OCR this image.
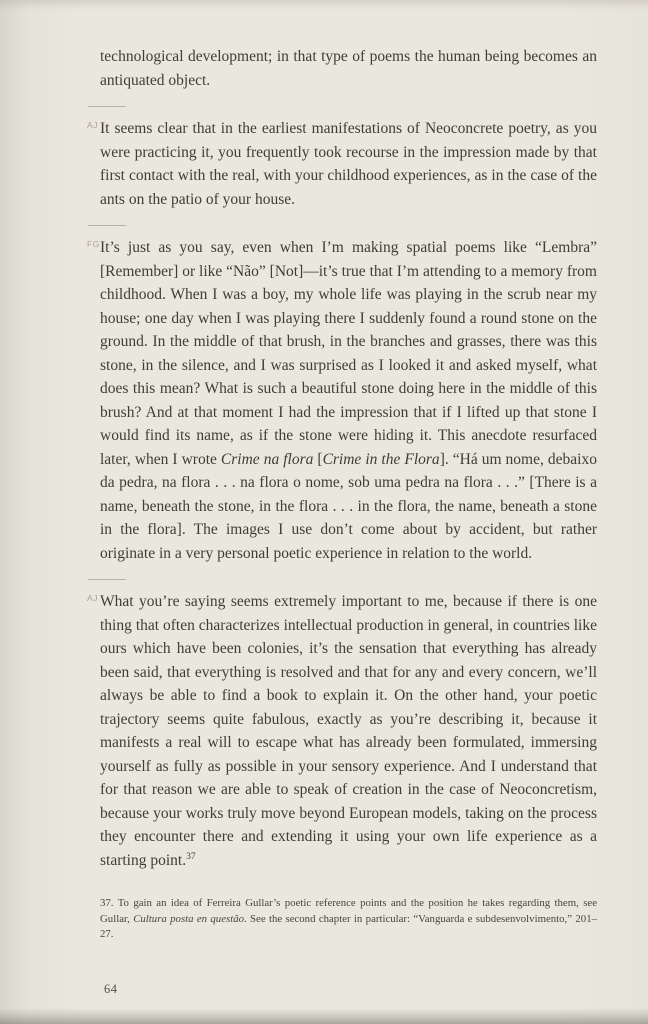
technological development; in that type of poems the human being becomes an antiquated object.

AJ It seems clear that in the earliest manifestations of Neoconcrete poetry, as you were practicing it, you frequently took recourse in the impression made by that first contact with the real, with your childhood experiences, as in the case of the ants on the patio of your house.

FG It’s just as you say, even when I’m making spatial poems like “Lembra” [Remember] or like “Não” [Not]—it’s true that I’m attending to a memory from childhood. When I was a boy, my whole life was playing in the scrub near my house; one day when I was playing there I suddenly found a round stone on the ground. In the middle of that brush, in the branches and grasses, there was this stone, in the silence, and I was surprised as I looked it and asked myself, what does this mean? What is such a beautiful stone doing here in the middle of this brush? And at that moment I had the impression that if I lifted up that stone I would find its name, as if the stone were hiding it. This anecdote resurfaced later, when I wrote Crime na flora [Crime in the Flora]. “Há um nome, debaixo da pedra, na flora . . . na flora o nome, sob uma pedra na flora . . .” [There is a name, beneath the stone, in the flora . . . in the flora, the name, beneath a stone in the flora]. The images I use don’t come about by accident, but rather originate in a very personal poetic experience in relation to the world.

AJ What you’re saying seems extremely important to me, because if there is one thing that often characterizes intellectual production in general, in countries like ours which have been colonies, it’s the sensation that everything has already been said, that everything is resolved and that for any and every concern, we’ll always be able to find a book to explain it. On the other hand, your poetic trajectory seems quite fabulous, exactly as you’re describing it, because it manifests a real will to escape what has already been formulated, immersing yourself as fully as possible in your sensory experience. And I understand that for that reason we are able to speak of creation in the case of Neoconcretism, because your works truly move beyond European models, taking on the process they encounter there and extending it using your own life experience as a starting point.$^{37}$

37. To gain an idea of Ferreira Gullar’s poetic reference points and the position he takes regarding them, see Gullar, Cultura posta en questão. See the second chapter in particular: “Vanguarda e subdesenvolvimento,” 201–27.
64
